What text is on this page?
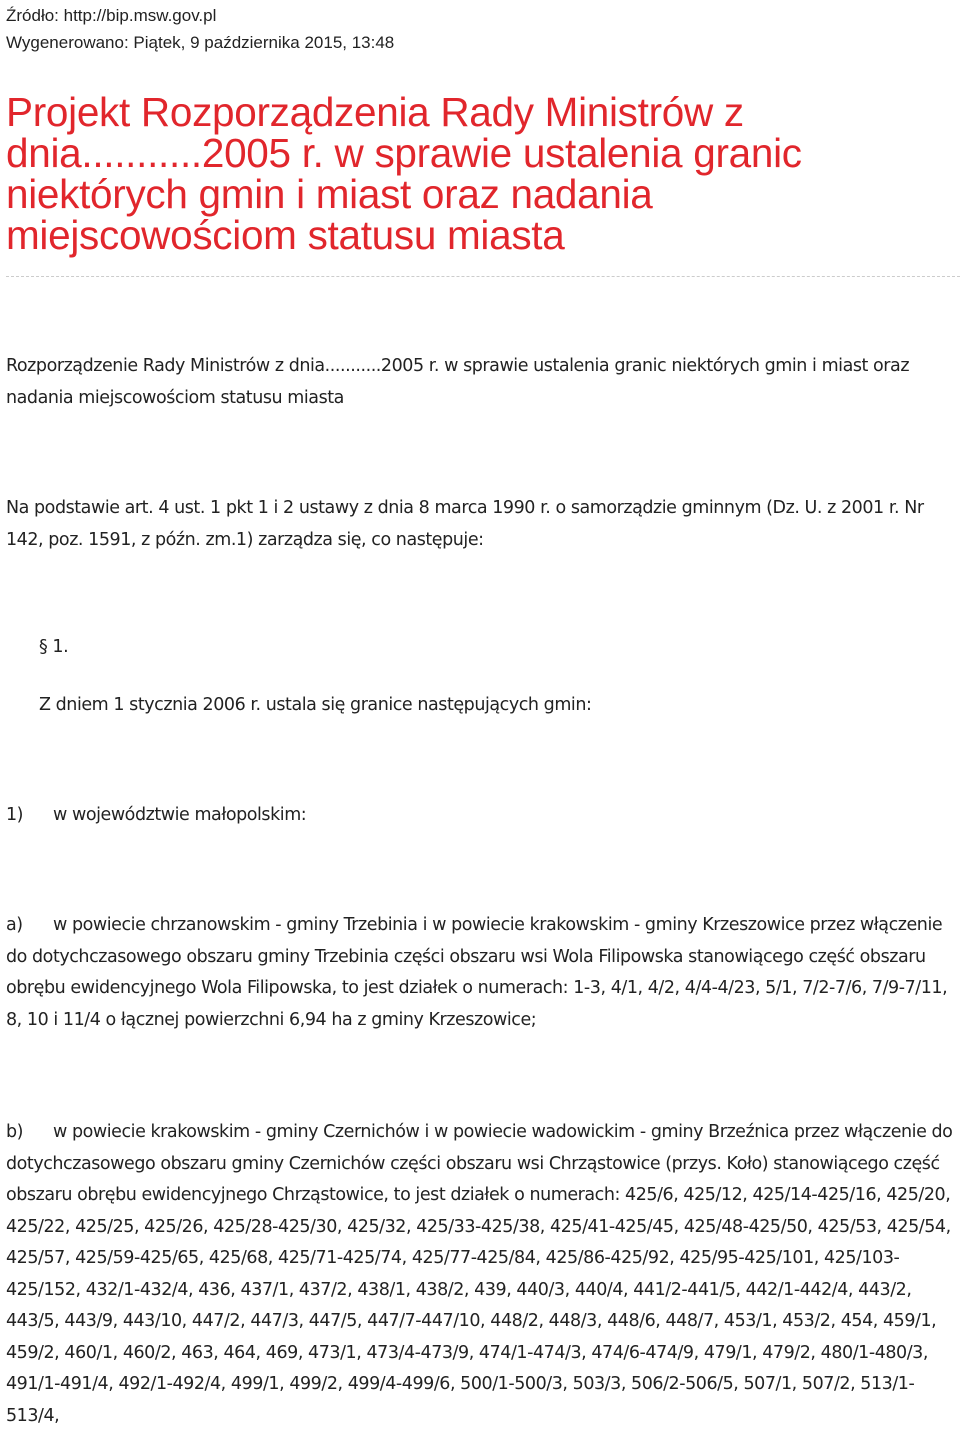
Źródło: http://bip.msw.gov.pl
Wygenerowano: Piątek, 9 października 2015, 13:48
Projekt Rozporządzenia Rady Ministrów z dnia...........2005 r. w sprawie ustalenia granic niektórych gmin i miast oraz nadania miejscowościom statusu miasta

Rozporządzenie Rady Ministrów z dnia...........2005 r. w sprawie ustalenia granic niektórych gmin i miast oraz nadania miejscowościom statusu miasta

Na podstawie art. 4 ust. 1 pkt 1 i 2 ustawy z dnia 8 marca 1990 r. o samorządzie gminnym (Dz. U. z 2001 r. Nr 142, poz. 1591, z późn. zm.1) zarządza się, co następuje:

§ 1.

Z dniem 1 stycznia 2006 r. ustala się granice następujących gmin:

1) w województwie małopolskim:

a) w powiecie chrzanowskim - gminy Trzebinia i w powiecie krakowskim - gminy Krzeszowice przez włączenie do dotychczasowego obszaru gminy Trzebinia części obszaru wsi Wola Filipowska stanowiącego część obszaru obrębu ewidencyjnego Wola Filipowska, to jest działek o numerach: 1-3, 4/1, 4/2, 4/4-4/23, 5/1, 7/2-7/6, 7/9-7/11, 8, 10 i 11/4 o łącznej powierzchni 6,94 ha z gminy Krzeszowice;

b) w powiecie krakowskim - gminy Czernichów i w powiecie wadowickim - gminy Brzeźnica przez włączenie do dotychczasowego obszaru gminy Czernichów części obszaru wsi Chrząstowice (przys. Koło) stanowiącego część obszaru obrębu ewidencyjnego Chrząstowice, to jest działek o numerach: 425/6, 425/12, 425/14-425/16, 425/20, 425/22, 425/25, 425/26, 425/28-425/30, 425/32, 425/33-425/38, 425/41-425/45, 425/48-425/50, 425/53, 425/54, 425/57, 425/59-425/65, 425/68, 425/71-425/74, 425/77-425/84, 425/86-425/92, 425/95-425/101, 425/103-425/152, 432/1-432/4, 436, 437/1, 437/2, 438/1, 438/2, 439, 440/3, 440/4, 441/2-441/5, 442/1-442/4, 443/2, 443/5, 443/9, 443/10, 447/2, 447/3, 447/5, 447/7-447/10, 448/2, 448/3, 448/6, 448/7, 453/1, 453/2, 454, 459/1, 459/2, 460/1, 460/2, 463, 464, 469, 473/1, 473/4-473/9, 474/1-474/3, 474/6-474/9, 479/1, 479/2, 480/1-480/3, 491/1-491/4, 492/1-492/4, 499/1, 499/2, 499/4-499/6, 500/1-500/3, 503/3, 506/2-506/5, 507/1, 507/2, 513/1-513/4,
